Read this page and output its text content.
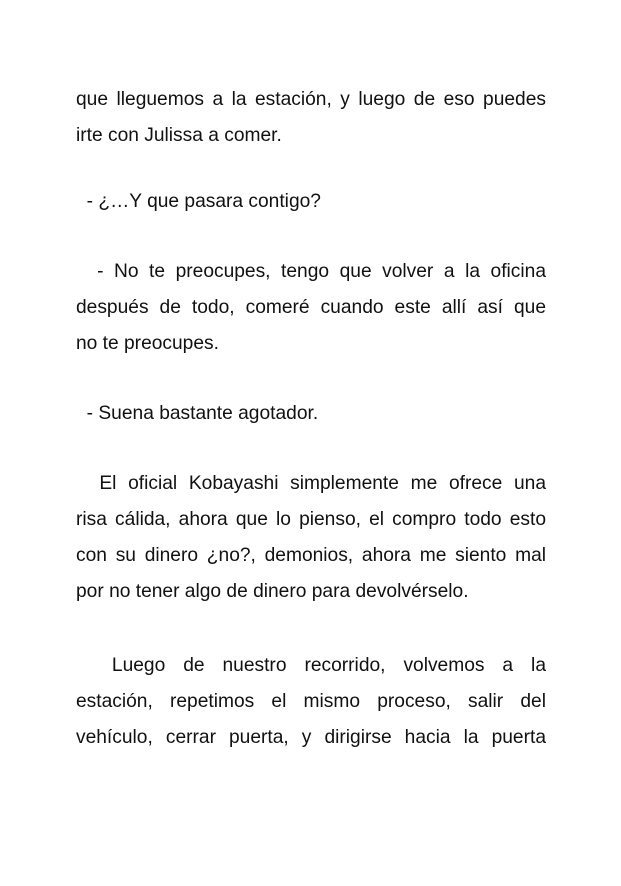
que lleguemos a la estación, y luego de eso puedes
irte con Julissa a comer.
- ¿…Y que pasara contigo?
- No te preocupes, tengo que volver a la oficina
después de todo, comeré cuando este allí así que
no te preocupes.
- Suena bastante agotador.
El oficial Kobayashi simplemente me ofrece una
risa cálida, ahora que lo pienso, el compro todo esto
con su dinero ¿no?, demonios, ahora me siento mal
por no tener algo de dinero para devolvérselo.
Luego de nuestro recorrido, volvemos a la
estación, repetimos el mismo proceso, salir del
vehículo, cerrar puerta, y dirigirse hacia la puerta
